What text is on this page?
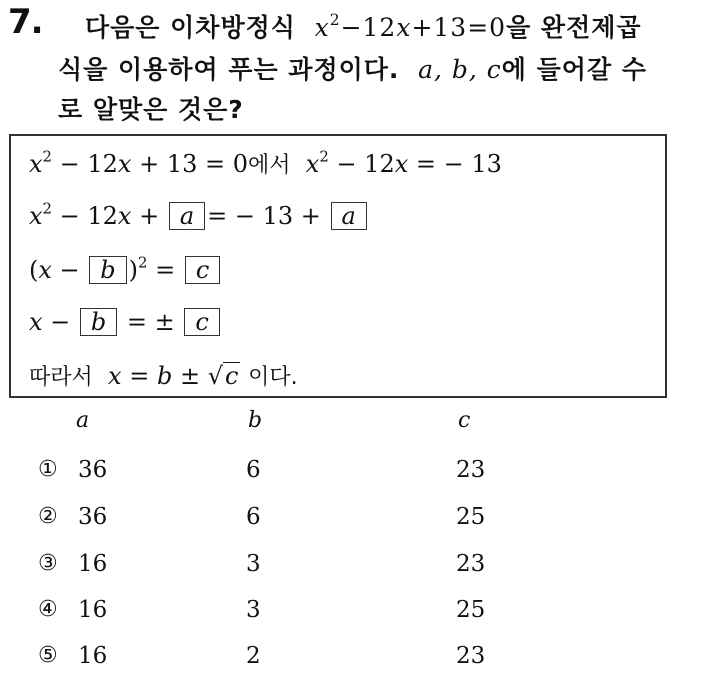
7. 다음은 이차방정식 $x^2-12x+13=0$을 완전제곱
식을 이용하여 푸는 과정이다.  a, b, c에 들어갈 수
로 알맞은 것은?
$x^2 - 12x + 13 = 0$에서 $x^2 - 12x$ = − 13
$x^2 - 12x + a$ = − 13 + a
(x − b )$^2$ = c
x − b = ± c
따라서 x = b ± √c 이다.
a	b	c
① 36	6	23
② 36	6	25
③ 16	3	23
④ 16	3	25
⑤ 16	2	23
